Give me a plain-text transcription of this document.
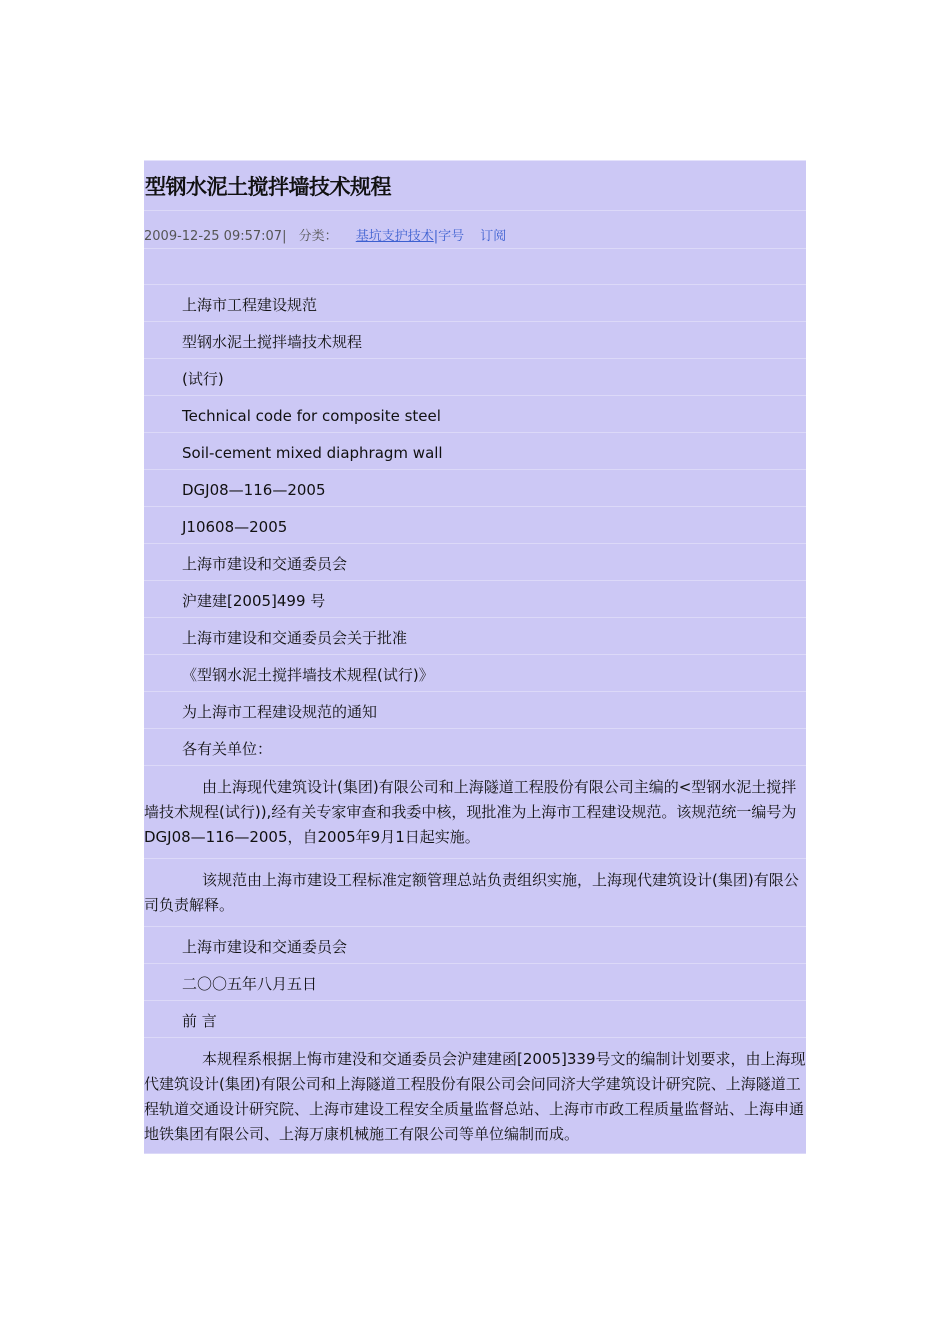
型钢水泥土搅拌墙技术规程
2009-12-25 09:57:07| 分类： 基坑支护技术|字号 订阅
上海市工程建设规范
型钢水泥土搅拌墙技术规程
(试行)
Technical code for composite steel
Soil-cement mixed diaphragm wall
DGJ08—116—2005
J10608—2005
上海市建设和交通委员会
沪建建[2005]499 号
上海市建设和交通委员会关于批准
《型钢水泥土搅拌墙技术规程(试行)》
为上海市工程建设规范的通知
各有关单位：
由上海现代建筑设计(集团)有限公司和上海隧道工程股份有限公司主编的<型钢水泥土搅拌墙技术规程(试行)),经有关专家审查和我委中核，现批准为上海市工程建设规范。该规范统一编号为DGJ08—116—2005，自2005年9月1日起实施。
该规范由上海市建设工程标准定额管理总站负责组织实施，上海现代建筑设计(集团)有限公司负责解释。
上海市建设和交通委员会
二〇〇五年八月五日
前 言
本规程系根据上悔市建没和交通委员会沪建建函[2005]339号文的编制计划要求，由上海现代建筑设计(集团)有限公司和上海隧道工程股份有限公司会问同济大学建筑设计研究院、上海隧道工程轨道交通设计研究院、上海市建设工程安全质量监督总站、上海市市政工程质量监督站、上海申通地铁集团有限公司、上海万康机械施工有限公司等单位编制而成。
